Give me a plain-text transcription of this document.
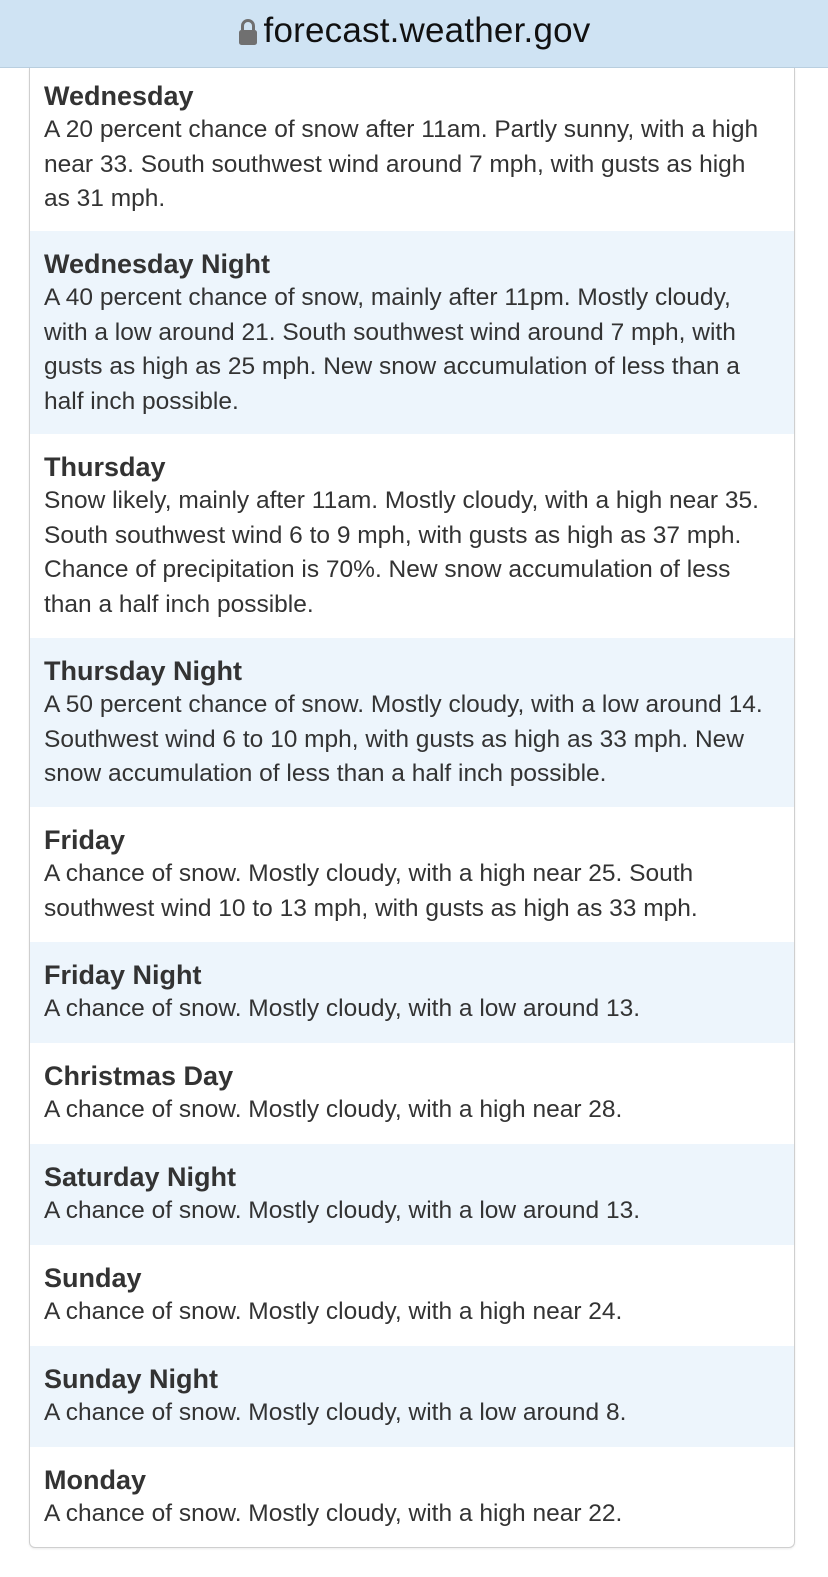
forecast.weather.gov
Wednesday
A 20 percent chance of snow after 11am. Partly sunny, with a high near 33. South southwest wind around 7 mph, with gusts as high as 31 mph.
Wednesday Night
A 40 percent chance of snow, mainly after 11pm. Mostly cloudy, with a low around 21. South southwest wind around 7 mph, with gusts as high as 25 mph. New snow accumulation of less than a half inch possible.
Thursday
Snow likely, mainly after 11am. Mostly cloudy, with a high near 35. South southwest wind 6 to 9 mph, with gusts as high as 37 mph. Chance of precipitation is 70%. New snow accumulation of less than a half inch possible.
Thursday Night
A 50 percent chance of snow. Mostly cloudy, with a low around 14. Southwest wind 6 to 10 mph, with gusts as high as 33 mph. New snow accumulation of less than a half inch possible.
Friday
A chance of snow. Mostly cloudy, with a high near 25. South southwest wind 10 to 13 mph, with gusts as high as 33 mph.
Friday Night
A chance of snow. Mostly cloudy, with a low around 13.
Christmas Day
A chance of snow. Mostly cloudy, with a high near 28.
Saturday Night
A chance of snow. Mostly cloudy, with a low around 13.
Sunday
A chance of snow. Mostly cloudy, with a high near 24.
Sunday Night
A chance of snow. Mostly cloudy, with a low around 8.
Monday
A chance of snow. Mostly cloudy, with a high near 22.
